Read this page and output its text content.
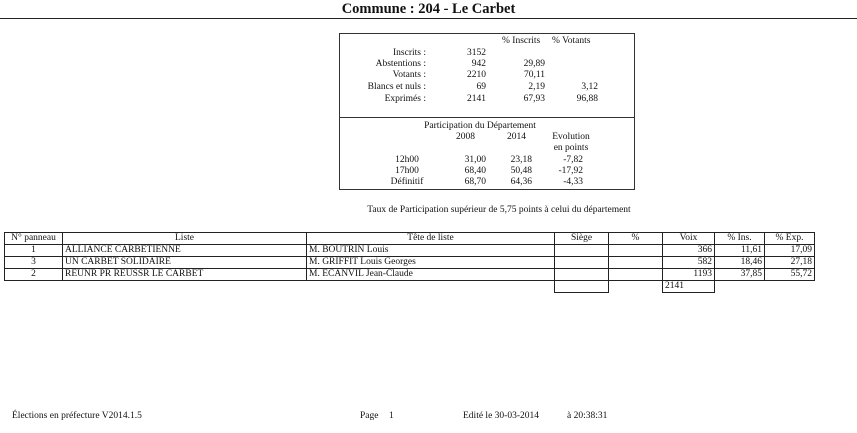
Commune : 204 - Le Carbet
% Inscrits % Votants
Inscrits :	3152
Abstentions :	942	29,89
Votants :	2210	70,11
Blancs et nuls :	69	2,19	3,12
Exprimés :	2141	67,93	96,88
Participation du Département
2008	2014	Evolution
en points
12h00	31,00	23,18	-7,82
17h00	68,40	50,48	-17,92
Définitif	68,70	64,36	-4,33
Taux de Participation supérieur de 5,75 points à celui du département
N° panneau	Liste	Tête de liste	Siège	%	Voix	% Ins.	% Exp.
1	ALLIANCE CARBETIENNE	M. BOUTRIN Louis			366	11,61	17,09
3	UN CARBET SOLIDAIRE	M. GRIFFIT Louis Georges			582	18,46	27,18
2	REUNR PR REUSSR LE CARBET	M. ECANVIL Jean-Claude			1193	37,85	55,72
					2141		
Élections en préfecture V2014.1.5	Page 1	Edité le 30-03-2014	à 20:38:31
